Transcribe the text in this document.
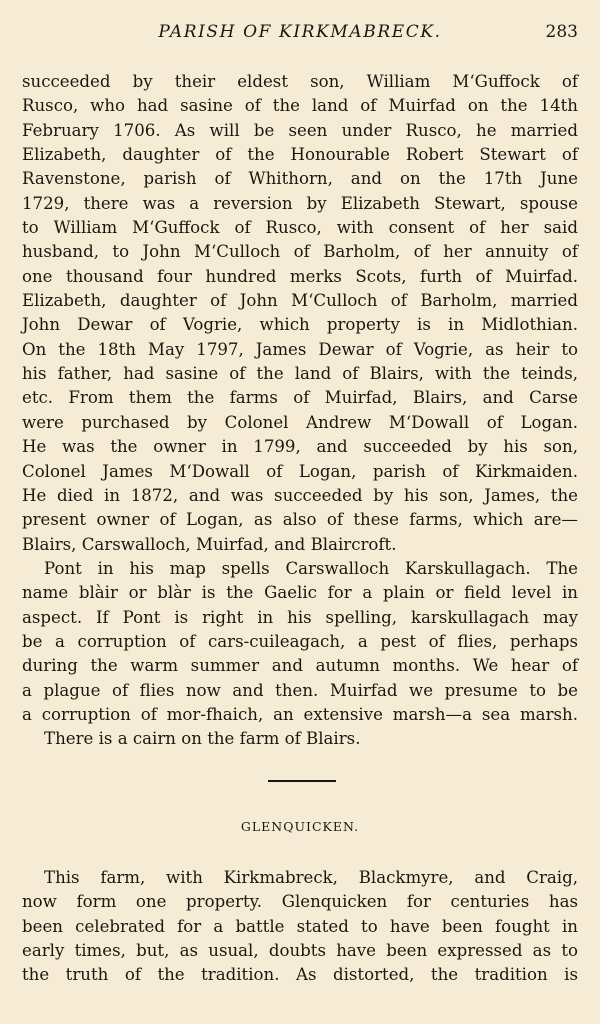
PARISH OF KIRKMABRECK.	283
succeeded by their eldest son, William M‘Guffock of
Rusco, who had sasine of the land of Muirfad on the 14th
February 1706. As will be seen under Rusco, he married
Elizabeth, daughter of the Honourable Robert Stewart of
Ravenstone, parish of Whithorn, and on the 17th June
1729, there was a reversion by Elizabeth Stewart, spouse
to William M‘Guffock of Rusco, with consent of her said
husband, to John M‘Culloch of Barholm, of her annuity of
one thousand four hundred merks Scots, furth of Muirfad.
Elizabeth, daughter of John M‘Culloch of Barholm, married
John Dewar of Vogrie, which property is in Midlothian.
On the 18th May 1797, James Dewar of Vogrie, as heir to
his father, had sasine of the land of Blairs, with the teinds,
etc. From them the farms of Muirfad, Blairs, and Carse
were purchased by Colonel Andrew M‘Dowall of Logan.
He was the owner in 1799, and succeeded by his son,
Colonel James M‘Dowall of Logan, parish of Kirkmaiden.
He died in 1872, and was succeeded by his son, James, the
present owner of Logan, as also of these farms, which are—
Blairs, Carswalloch, Muirfad, and Blaircroft.
Pont in his map spells Carswalloch Karskullagach. The
name blàir or blàr is the Gaelic for a plain or field level in
aspect. If Pont is right in his spelling, karskullagach may
be a corruption of cars-cuileagach, a pest of flies, perhaps
during the warm summer and autumn months. We hear of
a plague of flies now and then. Muirfad we presume to be
a corruption of mor-fhaich, an extensive marsh—a sea marsh.
There is a cairn on the farm of Blairs.
GLENQUICKEN.
This farm, with Kirkmabreck, Blackmyre, and Craig,
now form one property. Glenquicken for centuries has
been celebrated for a battle stated to have been fought in
early times, but, as usual, doubts have been expressed as to
the truth of the tradition. As distorted, the tradition is
